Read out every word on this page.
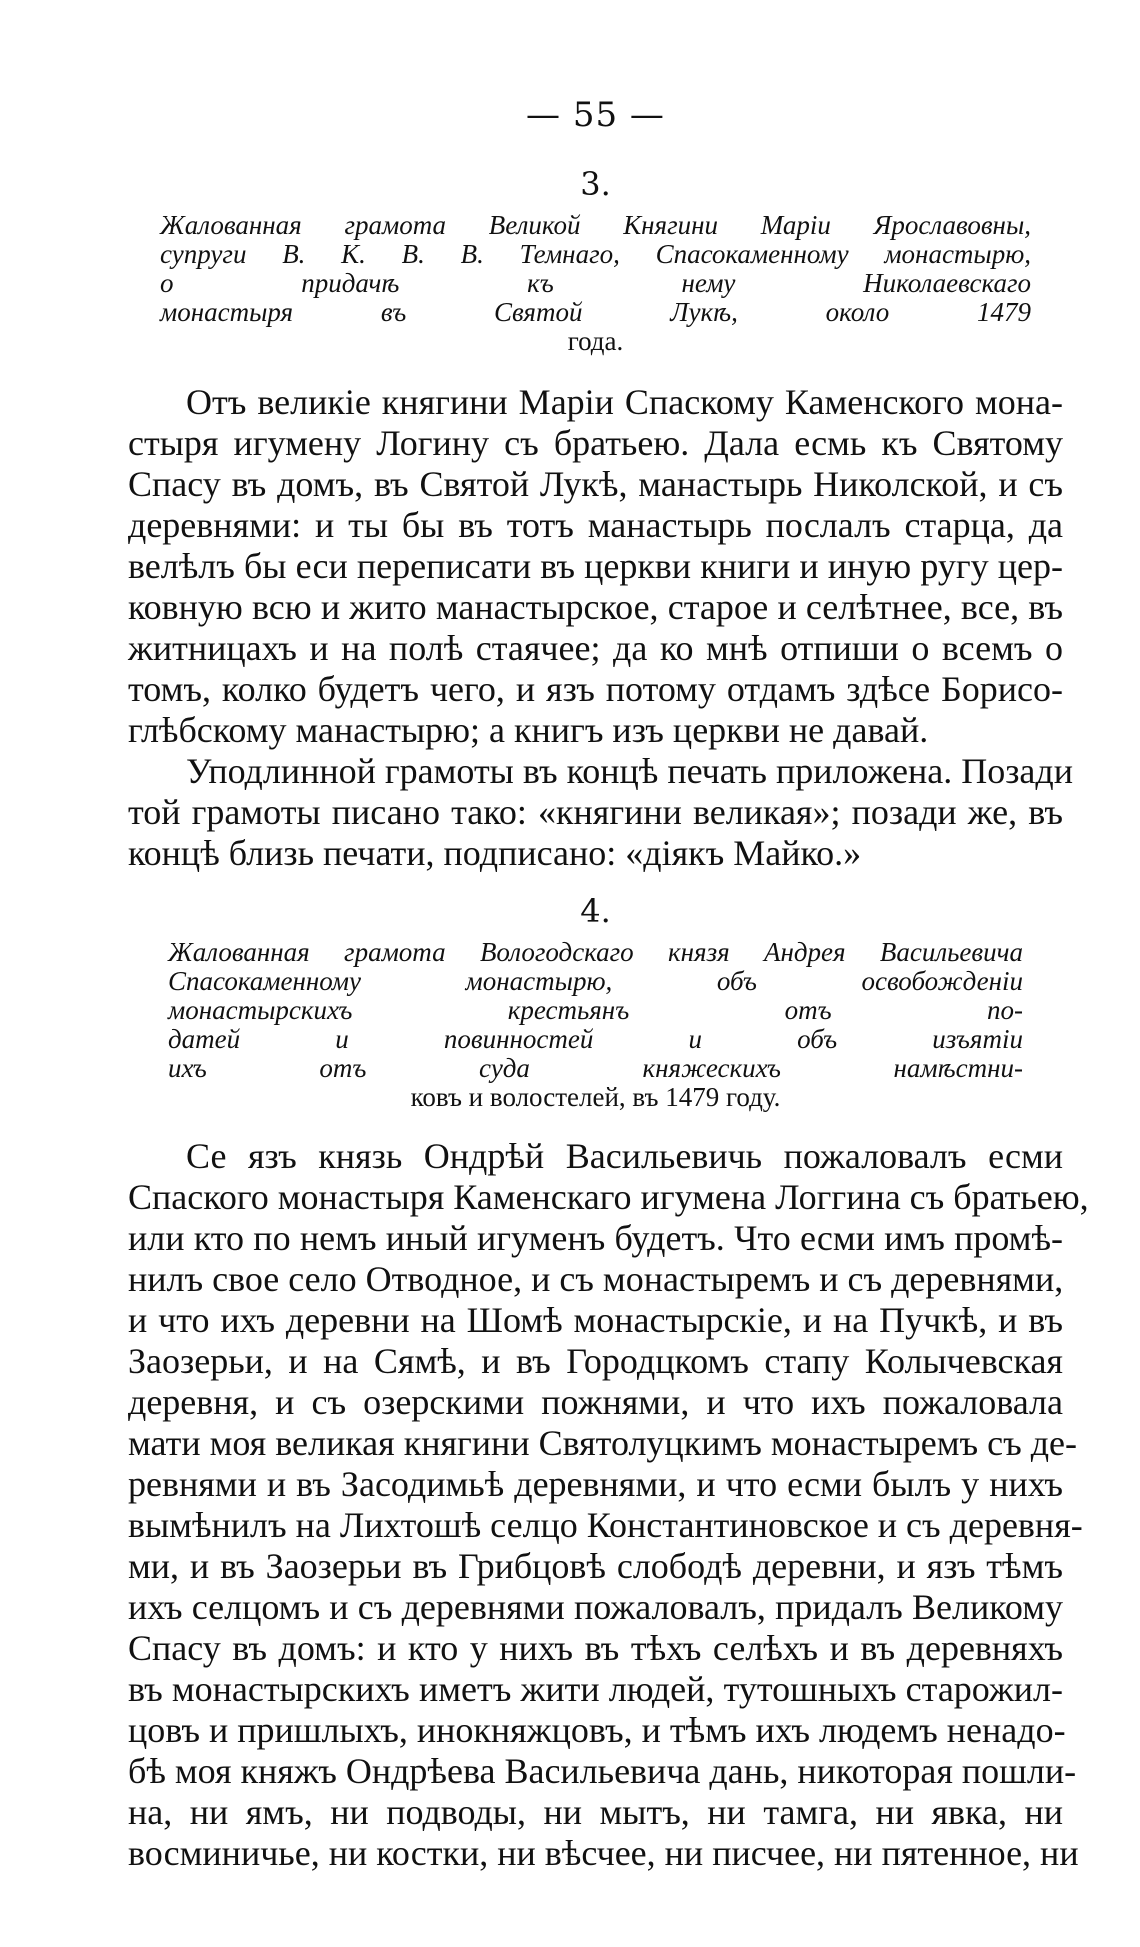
— 55 —
3.

Жалованная грамота Великой Княгини Маріи Ярославовны,

супруги В. К. В. В. Темнаго, Спасокаменному монастырю,

о придачѣ къ нему Николаевскаго

монастыря въ Святой Лукѣ, около 1479

года.

Отъ великіе княгини Маріи Спаскому Каменского мона-

стыря игумену Логину съ братьею. Дала есмь къ Святому

Спасу въ домъ, въ Святой Лукѣ, манастырь Николской, и съ

деревнями: и ты бы въ тотъ манастырь послалъ старца, да

велѣлъ бы еси переписати въ церкви книги и иную ругу цер-

ковную всю и жито манастырское, старое и селѣтнее, все, въ

житницахъ и на полѣ стаячее; да ко мнѣ отпиши о всемъ о

томъ, колко будетъ чего, и язъ потому отдамъ здѣсе Борисо-

глѣбскому манастырю; а книгъ изъ церкви не давай.

Уподлинной грамоты въ концѣ печать приложена. Позади

той грамоты писано тако: «княгини великая»; позади же, въ

концѣ близь печати, подписано: «діякъ Майко.»

4.

Жалованная грамота Вологодскаго князя Андрея Васильевича

Спасокаменному монастырю, объ освобожденіи

монастырскихъ крестьянъ отъ по-

датей и повинностей и объ изъятіи

ихъ отъ суда княжескихъ намѣстни-

ковъ и волостелей, въ 1479 году.

Се язъ князь Ондрѣй Васильевичь пожаловалъ есми

Спаского монастыря Каменскаго игумена Логгина съ братьею,

или кто по немъ иный игуменъ будетъ. Что есми имъ промѣ-

нилъ свое село Отводное, и съ монастыремъ и съ деревнями,

и что ихъ деревни на Шомѣ монастырскіе, и на Пучкѣ, и въ

Заозерьи, и на Сямѣ, и въ Городцкомъ стапу Колычевская

деревня, и съ озерскими пожнями, и что ихъ пожаловала

мати моя великая княгини Святолуцкимъ монастыремъ съ де-

ревнями и въ Засодимьѣ деревнями, и что есми былъ у нихъ

вымѣнилъ на Лихтошѣ селцо Константиновское и съ деревня-

ми, и въ Заозерьи въ Грибцовѣ слободѣ деревни, и язъ тѣмъ

ихъ селцомъ и съ деревнями пожаловалъ, придалъ Великому

Спасу въ домъ: и кто у нихъ въ тѣхъ селѣхъ и въ деревняхъ

въ монастырскихъ иметъ жити людей, тутошныхъ старожил-

цовъ и пришлыхъ, инокняжцовъ, и тѣмъ ихъ людемъ ненадо-

бѣ моя княжъ Ондрѣева Васильевича дань, никоторая пошли-

на, ни ямъ, ни подводы, ни мытъ, ни тамга, ни явка, ни

восминичье, ни костки, ни вѣсчее, ни писчее, ни пятенное, ни
